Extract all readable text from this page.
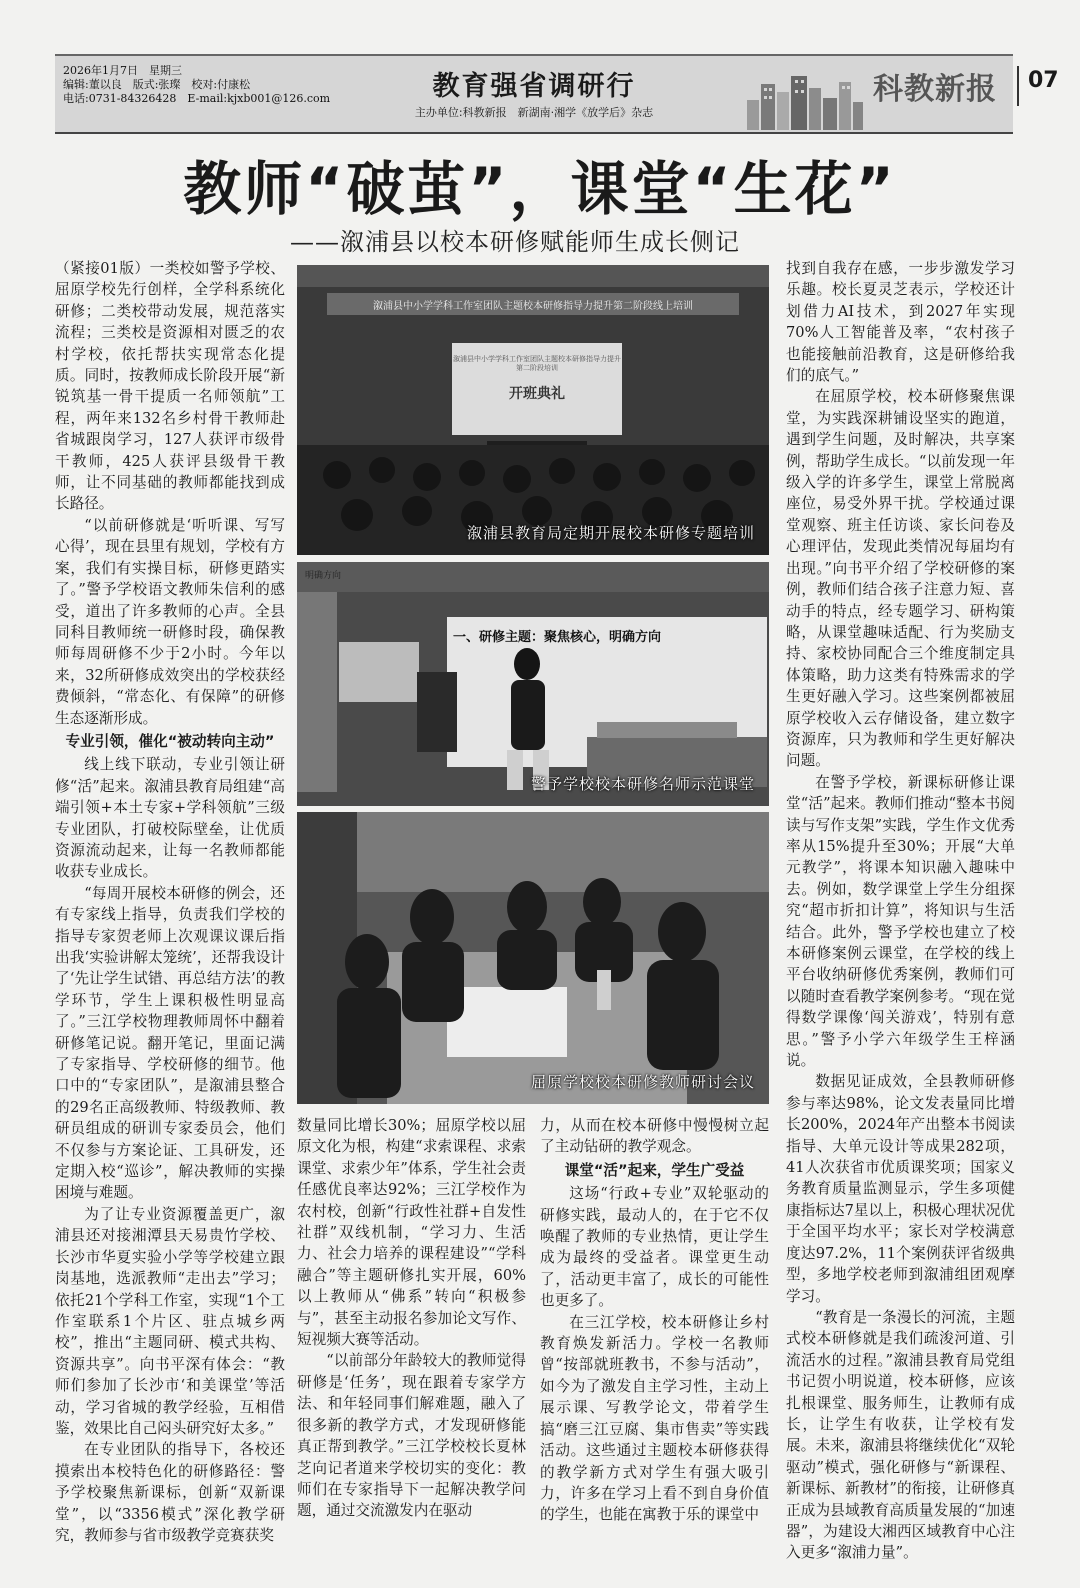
2026年1月7日　星期三
编辑:董以良　版式:张璨　校对:付康松
电话:0731-84326428　E-mail:kjxb001@126.com	教育强省调研行
主办单位:科教新报　新湖南·湘学《放学后》杂志
科教新报 07
教师“破茧”，课堂“生花”
——溆浦县以校本研修赋能师生成长侧记

（紧接01版）一类校如警予学校、屈原学校先行创样，全学科系统化研修；二类校带动发展，规范落实流程；三类校是资源相对匮乏的农村学校，依托帮扶实现常态化提质。同时，按教师成长阶段开展“新锐筑基一骨干提质一名师领航”工程，两年来132名乡村骨干教师赴省城跟岗学习，127人获评市级骨干教师，425人获评县级骨干教师，让不同基础的教师都能找到成长路径。

“以前研修就是‘听听课、写写心得’，现在县里有规划，学校有方案，我们有实操目标，研修更踏实了。”警予学校语文教师朱信利的感受，道出了许多教师的心声。全县同科目教师统一研修时段，确保教师每周研修不少于2小时。今年以来，32所研修成效突出的学校获经费倾斜，“常态化、有保障”的研修生态逐渐形成。

专业引领，催化“被动转向主动”

线上线下联动，专业引领让研修“活”起来。溆浦县教育局组建“高端引领+本土专家+学科领航”三级专业团队，打破校际壁垒，让优质资源流动起来，让每一名教师都能收获专业成长。

“每周开展校本研修的例会，还有专家线上指导，负责我们学校的指导专家贺老师上次观课议课后指出我‘实验讲解太笼统’，还帮我设计了‘先让学生试错、再总结方法’的教学环节，学生上课积极性明显高了。”三江学校物理教师周怀中翻着研修笔记说。翻开笔记，里面记满了专家指导、学校研修的细节。他口中的“专家团队”，是溆浦县整合的29名正高级教师、特级教师、教研员组成的研训专家委员会，他们不仅参与方案论证、工具研发，还定期入校“巡诊”，解决教师的实操困境与难题。

为了让专业资源覆盖更广，溆浦县还对接湘潭县天易贵竹学校、长沙市华夏实验小学等学校建立跟岗基地，选派教师“走出去”学习；依托21个学科工作室，实现“1个工作室联系1个片区、驻点城乡两校”，推出“主题同研、模式共构、资源共享”。向书平深有体会：“教师们参加了长沙市‘和美课堂’等活动，学习省城的教学经验，互相借鉴，效果比自己闷头研究好太多。”

在专业团队的指导下，各校还摸索出本校特色化的研修路径：警予学校聚焦新课标，创新“双新课堂”，以“3356模式”深化教学研究，教师参与省市级教学竞赛获奖

溆浦县中小学学科工作室团队主题校本研修指导力提升第二阶段线上培训
溆浦县中小学学科工作室团队主题校本研修指导力提升第二阶段培训
开班典礼
溆浦县教育局定期开展校本研修专题培训
明确方向
一、研修主题：聚焦核心，明确方向
警予学校校本研修名师示范课堂
屈原学校校本研修教师研讨会议

数量同比增长30%；屈原学校以屈原文化为根，构建“求索课程、求索课堂、求索少年”体系，学生社会责任感优良率达92%；三江学校作为农村校，创新“行政性社群+自发性社群”双线机制，“学习力、生活力、社会力培养的课程建设”“学科融合”等主题研修扎实开展，60%以上教师从“佛系”转向“积极参与”，甚至主动报名参加论文写作、短视频大赛等活动。

“以前部分年龄较大的教师觉得研修是‘任务’，现在跟着专家学方法、和年轻同事们解难题，融入了很多新的教学方式，才发现研修能真正帮到教学。”三江学校校长夏林芝向记者道来学校切实的变化：教师们在专家指导下一起解决教学问题，通过交流激发内在驱动

力，从而在校本研修中慢慢树立起了主动钻研的教学观念。

课堂“活”起来，学生广受益

这场“行政+专业”双轮驱动的研修实践，最动人的，在于它不仅唤醒了教师的专业热情，更让学生成为最终的受益者。课堂更生动了，活动更丰富了，成长的可能性也更多了。

在三江学校，校本研修让乡村教育焕发新活力。学校一名教师曾“按部就班教书，不参与活动”，如今为了激发自主学习性，主动上展示课、写教学论文，带着学生搞“磨三江豆腐、集市售卖”等实践活动。这些通过主题校本研修获得的教学新方式对学生有强大吸引力，许多在学习上看不到自身价值的学生，也能在寓教于乐的课堂中

找到自我存在感，一步步激发学习乐趣。校长夏灵芝表示，学校还计划借力AI技术，到2027年实现70%人工智能普及率，“农村孩子也能接触前沿教育，这是研修给我们的底气。”

在屈原学校，校本研修聚焦课堂，为实践深耕铺设坚实的跑道，遇到学生问题，及时解决，共享案例，帮助学生成长。“以前发现一年级入学的许多学生，课堂上常脱离座位，易受外界干扰。学校通过课堂观察、班主任访谈、家长问卷及心理评估，发现此类情况每届均有出现。”向书平介绍了学校研修的案例，教师们结合孩子注意力短、喜动手的特点，经专题学习、研构策略，从课堂趣味适配、行为奖励支持、家校协同配合三个维度制定具体策略，助力这类有特殊需求的学生更好融入学习。这些案例都被屈原学校收入云存储设备，建立数字资源库，只为教师和学生更好解决问题。

在警予学校，新课标研修让课堂“活”起来。教师们推动“整本书阅读与写作支架”实践，学生作文优秀率从15%提升至30%；开展“大单元教学”，将课本知识融入趣味中去。例如，数学课堂上学生分组探究“超市折扣计算”，将知识与生活结合。此外，警予学校也建立了校本研修案例云课堂，在学校的线上平台收纳研修优秀案例，教师们可以随时查看教学案例参考。“现在觉得数学课像‘闯关游戏’，特别有意思。”警予小学六年级学生王梓涵说。

数据见证成效，全县教师研修参与率达98%，论文发表量同比增长200%，2024年产出整本书阅读指导、大单元设计等成果282项，41人次获省市优质课奖项；国家义务教育质量监测显示，学生多项健康指标达7星以上，积极心理状况优于全国平均水平；家长对学校满意度达97.2%，11个案例获评省级典型，多地学校老师到溆浦组团观摩学习。

“教育是一条漫长的河流，主题式校本研修就是我们疏浚河道、引流活水的过程。”溆浦县教育局党组书记贺小明说道，校本研修，应该扎根课堂、服务师生，让教师有成长，让学生有收获，让学校有发展。未来，溆浦县将继续优化“双轮驱动”模式，强化研修与“新课程、新课标、新教材”的衔接，让研修真正成为县域教育高质量发展的“加速器”，为建设大湘西区域教育中心注入更多“溆浦力量”。
